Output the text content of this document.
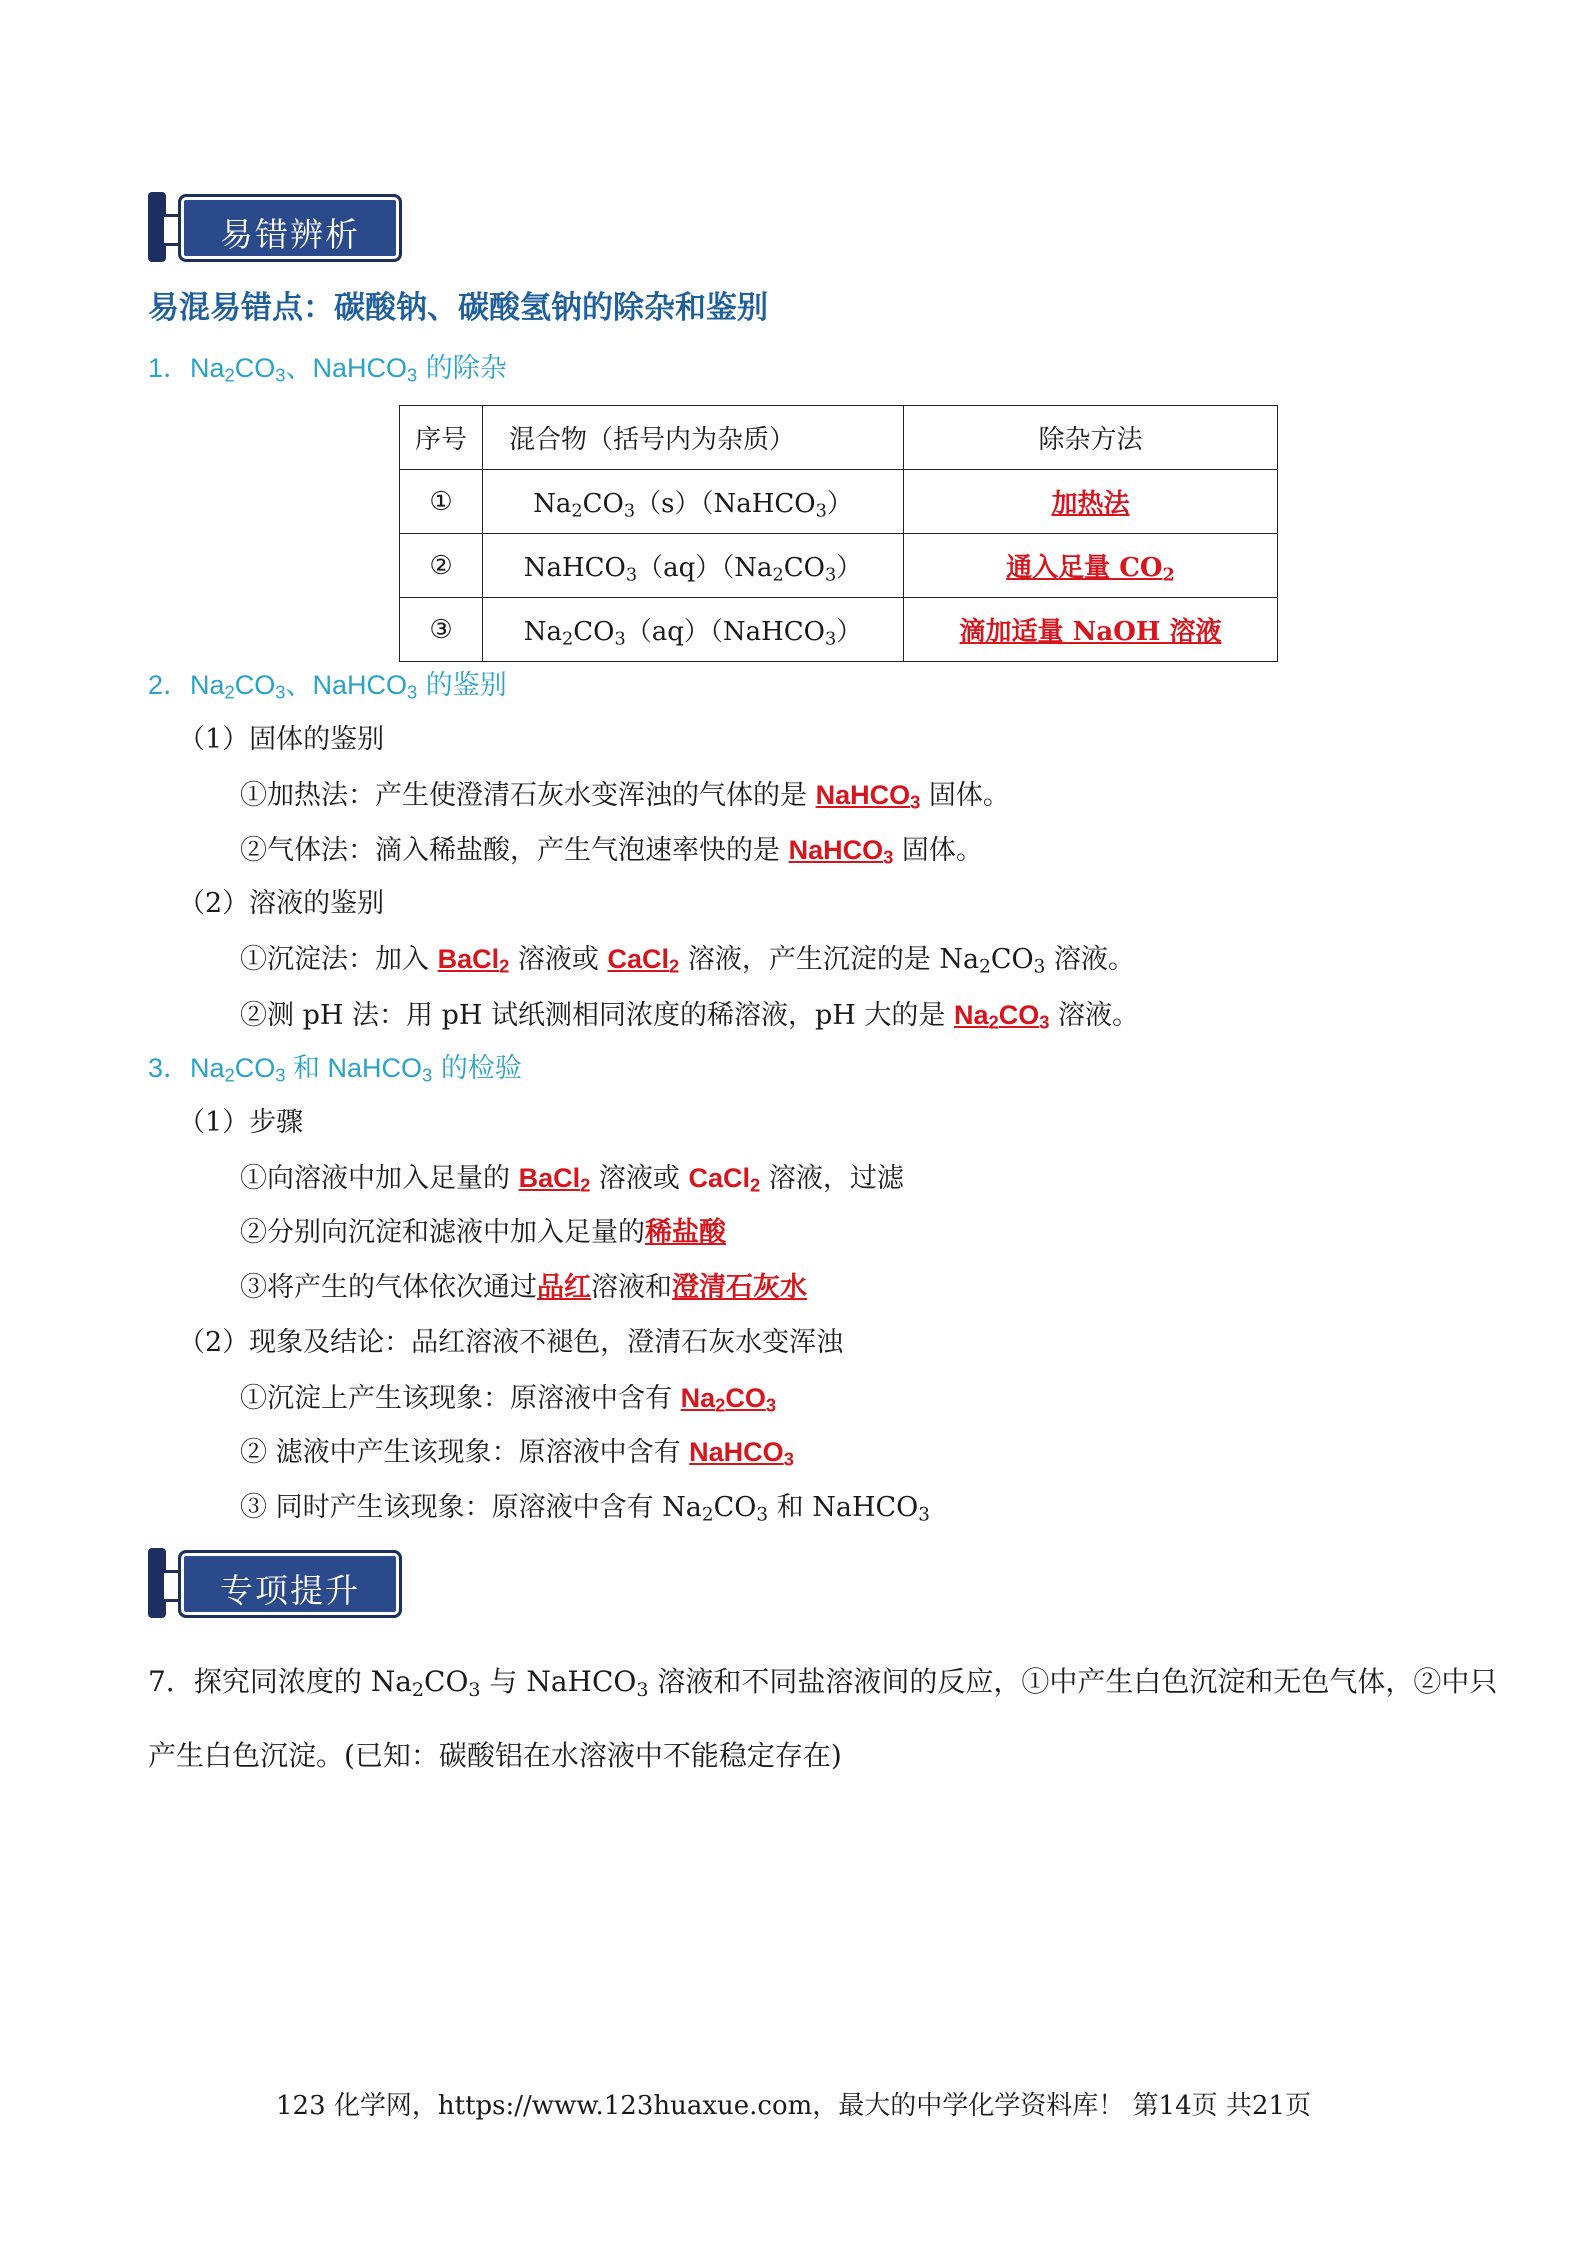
易错辨析
易混易错点：碳酸钠、碳酸氢钠的除杂和鉴别
1．$Na_2CO_3$、NaHCO$_3$ 的除杂
序号	混合物（括号内为杂质）	除杂方法
①	$Na_2CO_3(s)(NaHCO_3)$	加热法
②	$NaHCO_3(aq)(Na_2CO_3)$	通入足量 $CO_2$
③	$Na_2CO_3(aq)(NaHCO_3)$	滴加适量 NaOH 溶液
2．$Na_2CO_3$、NaHCO$_3$ 的鉴别
（1）固体的鉴别
①加热法：产生使澄清石灰水变浑浊的气体的是 NaHCO$_3$ 固体。
②气体法：滴入稀盐酸，产生气泡速率快的是 NaHCO$_3$ 固体。
（2）溶液的鉴别
①沉淀法：加入 BaCl$_2$ 溶液或 CaCl$_2$ 溶液，产生沉淀的是 $Na_2CO_3$ 溶液。
②测 pH 法：用 pH 试纸测相同浓度的稀溶液，pH 大的是 $Na_2CO_3$ 溶液。
3．$Na_2CO_3$ 和 NaHCO$_3$ 的检验
（1）步骤
①向溶液中加入足量的 BaCl$_2$ 溶液或 CaCl$_2$ 溶液，过滤
②分别向沉淀和滤液中加入足量的稀盐酸
③将产生的气体依次通过品红溶液和澄清石灰水
（2）现象及结论：品红溶液不褪色，澄清石灰水变浑浊
①沉淀上产生该现象：原溶液中含有 $Na_2CO_3$
② 滤液中产生该现象：原溶液中含有 NaHCO$_3$
③ 同时产生该现象：原溶液中含有 $Na_2CO_3$ 和 NaHCO$_3$
专项提升
7．探究同浓度的 $Na_2CO_3$ 与 NaHCO$_3$ 溶液和不同盐溶液间的反应，①中产生白色沉淀和无色气体，②中只
产生白色沉淀。(已知：碳酸铝在水溶液中不能稳定存在)
123 化学网，https://www.123huaxue.com，最大的中学化学资料库！ 第14页 共21页
